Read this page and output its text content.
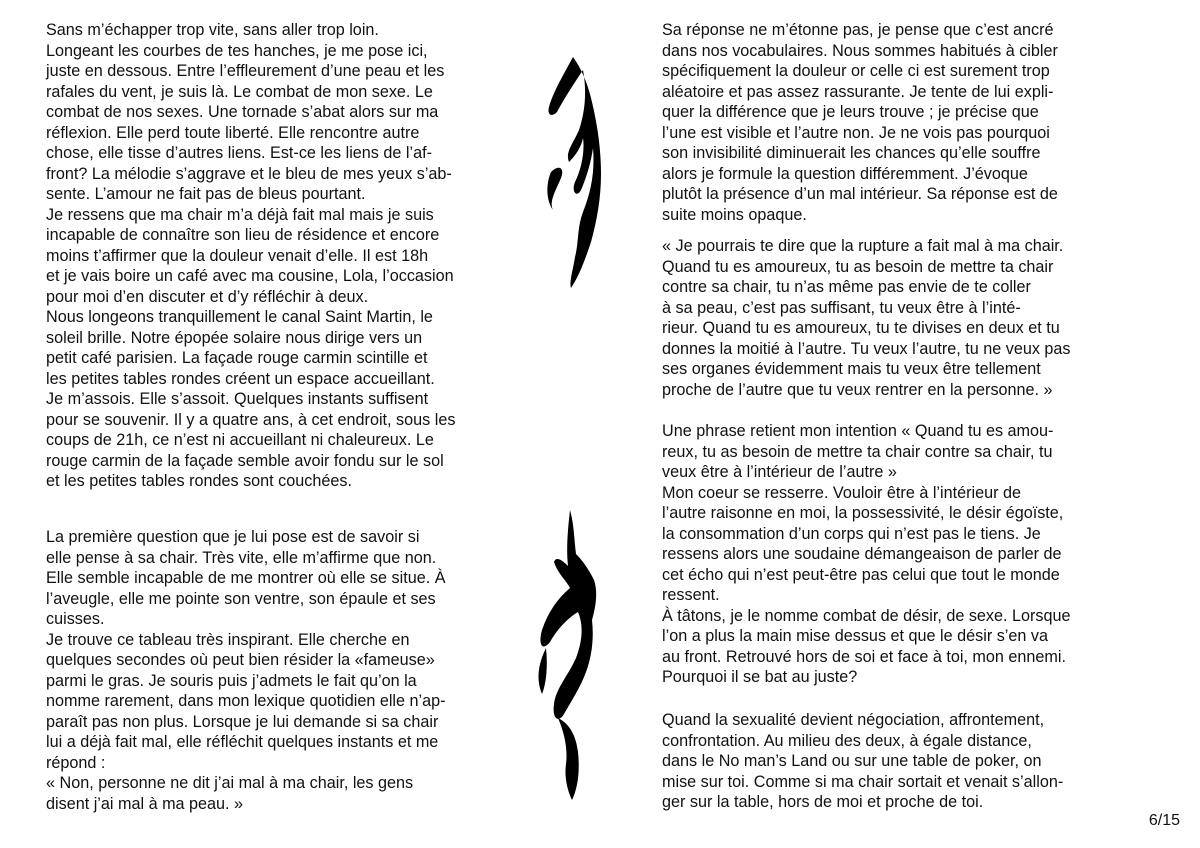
Sans m’échapper trop vite, sans aller trop loin.
Longeant les courbes de tes hanches, je me pose ici,
juste en dessous. Entre l’effleurement d’une peau et les
rafales du vent, je suis là. Le combat de mon sexe. Le
combat de nos sexes. Une tornade s’abat alors sur ma
réflexion. Elle perd toute liberté. Elle rencontre autre
chose, elle tisse d’autres liens. Est-ce les liens de l’af-
front? La mélodie s’aggrave et le bleu de mes yeux s’ab-
sente. L’amour ne fait pas de bleus pourtant.
Je ressens que ma chair m’a déjà fait mal mais je suis
incapable de connaître son lieu de résidence et encore
moins t’affirmer que la douleur venait d’elle. Il est 18h
et je vais boire un café avec ma cousine, Lola, l’occasion
pour moi d’en discuter et d’y réfléchir à deux.
Nous longeons tranquillement le canal Saint Martin, le
soleil brille. Notre épopée solaire nous dirige vers un
petit café parisien. La façade rouge carmin scintille et
les petites tables rondes créent un espace accueillant.
Je m’assois. Elle s’assoit. Quelques instants suffisent
pour se souvenir. Il y a quatre ans, à cet endroit, sous les
coups de 21h, ce n’est ni accueillant ni chaleureux. Le
rouge carmin de la façade semble avoir fondu sur le sol
et les petites tables rondes sont couchées.
La première question que je lui pose est de savoir si
elle pense à sa chair. Très vite, elle m’affirme que non.
Elle semble incapable de me montrer où elle se situe. À
l’aveugle, elle me pointe son ventre, son épaule et ses
cuisses.
Je trouve ce tableau très inspirant. Elle cherche en
quelques secondes où peut bien résider la «fameuse»
parmi le gras. Je souris puis j’admets le fait qu’on la
nomme rarement, dans mon lexique quotidien elle n’ap-
paraît pas non plus. Lorsque je lui demande si sa chair
lui a déjà fait mal, elle réfléchit quelques instants et me
répond :
« Non, personne ne dit j’ai mal à ma chair, les gens
disent j’ai mal à ma peau. »
Sa réponse ne m’étonne pas, je pense que c’est ancré
dans nos vocabulaires. Nous sommes habitués à cibler
spécifiquement la douleur or celle ci est surement trop
aléatoire et pas assez rassurante. Je tente de lui expli-
quer la différence que je leurs trouve ; je précise que
l’une est visible et l’autre non. Je ne vois pas pourquoi
son invisibilité diminuerait les chances qu’elle souffre
alors je formule la question différemment. J’évoque
plutôt la présence d’un mal intérieur. Sa réponse est de
suite moins opaque.
« Je pourrais te dire que la rupture a fait mal à ma chair.
Quand tu es amoureux, tu as besoin de mettre ta chair
contre sa chair, tu n’as même pas envie de te coller
à sa peau, c’est pas suffisant, tu veux être à l’inté-
rieur. Quand tu es amoureux, tu te divises en deux et tu
donnes la moitié à l’autre. Tu veux l’autre, tu ne veux pas
ses organes évidemment mais tu veux être tellement
proche de l’autre que tu veux rentrer en la personne. »
Une phrase retient mon intention « Quand tu es amou-
reux, tu as besoin de mettre ta chair contre sa chair, tu
veux être à l’intérieur de l’autre »
Mon coeur se resserre. Vouloir être à l’intérieur de
l’autre raisonne en moi, la possessivité, le désir égoïste,
la consommation d’un corps qui n’est pas le tiens. Je
ressens alors une soudaine démangeaison de parler de
cet écho qui n’est peut-être pas celui que tout le monde
ressent.
À tâtons, je le nomme combat de désir, de sexe. Lorsque
l’on a plus la main mise dessus et que le désir s’en va
au front. Retrouvé hors de soi et face à toi, mon ennemi.
Pourquoi il se bat au juste?
Quand la sexualité devient négociation, affrontement,
confrontation. Au milieu des deux, à égale distance,
dans le No man’s Land ou sur une table de poker, on
mise sur toi. Comme si ma chair sortait et venait s’allon-
ger sur la table, hors de moi et proche de toi.
6/15
